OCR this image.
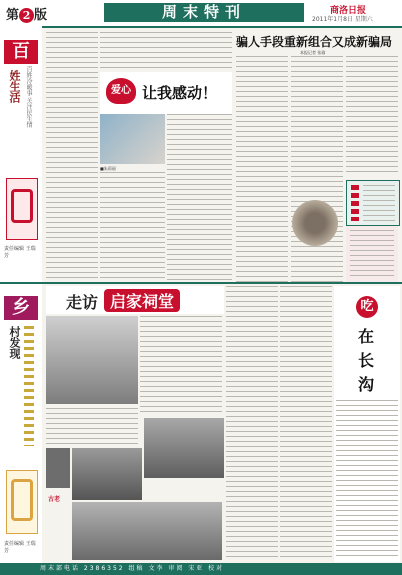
第 2 版	周末特刊	商洛日报
2011年1月8日 星期六
百
姓生活 百姓冷暖事 关注民生情
责任编辑 王瑞芳
乡
村发现
责任编辑 王瑞芳
爱心 让我感动！
■朱莉丽
骗人手段重新组合又成新骗局
本报记者 张瑜
走访 启家祠堂
古老
吃
在
长
沟
周末部电话 2386352 组稿 文李 审阅 宋亚 校对
